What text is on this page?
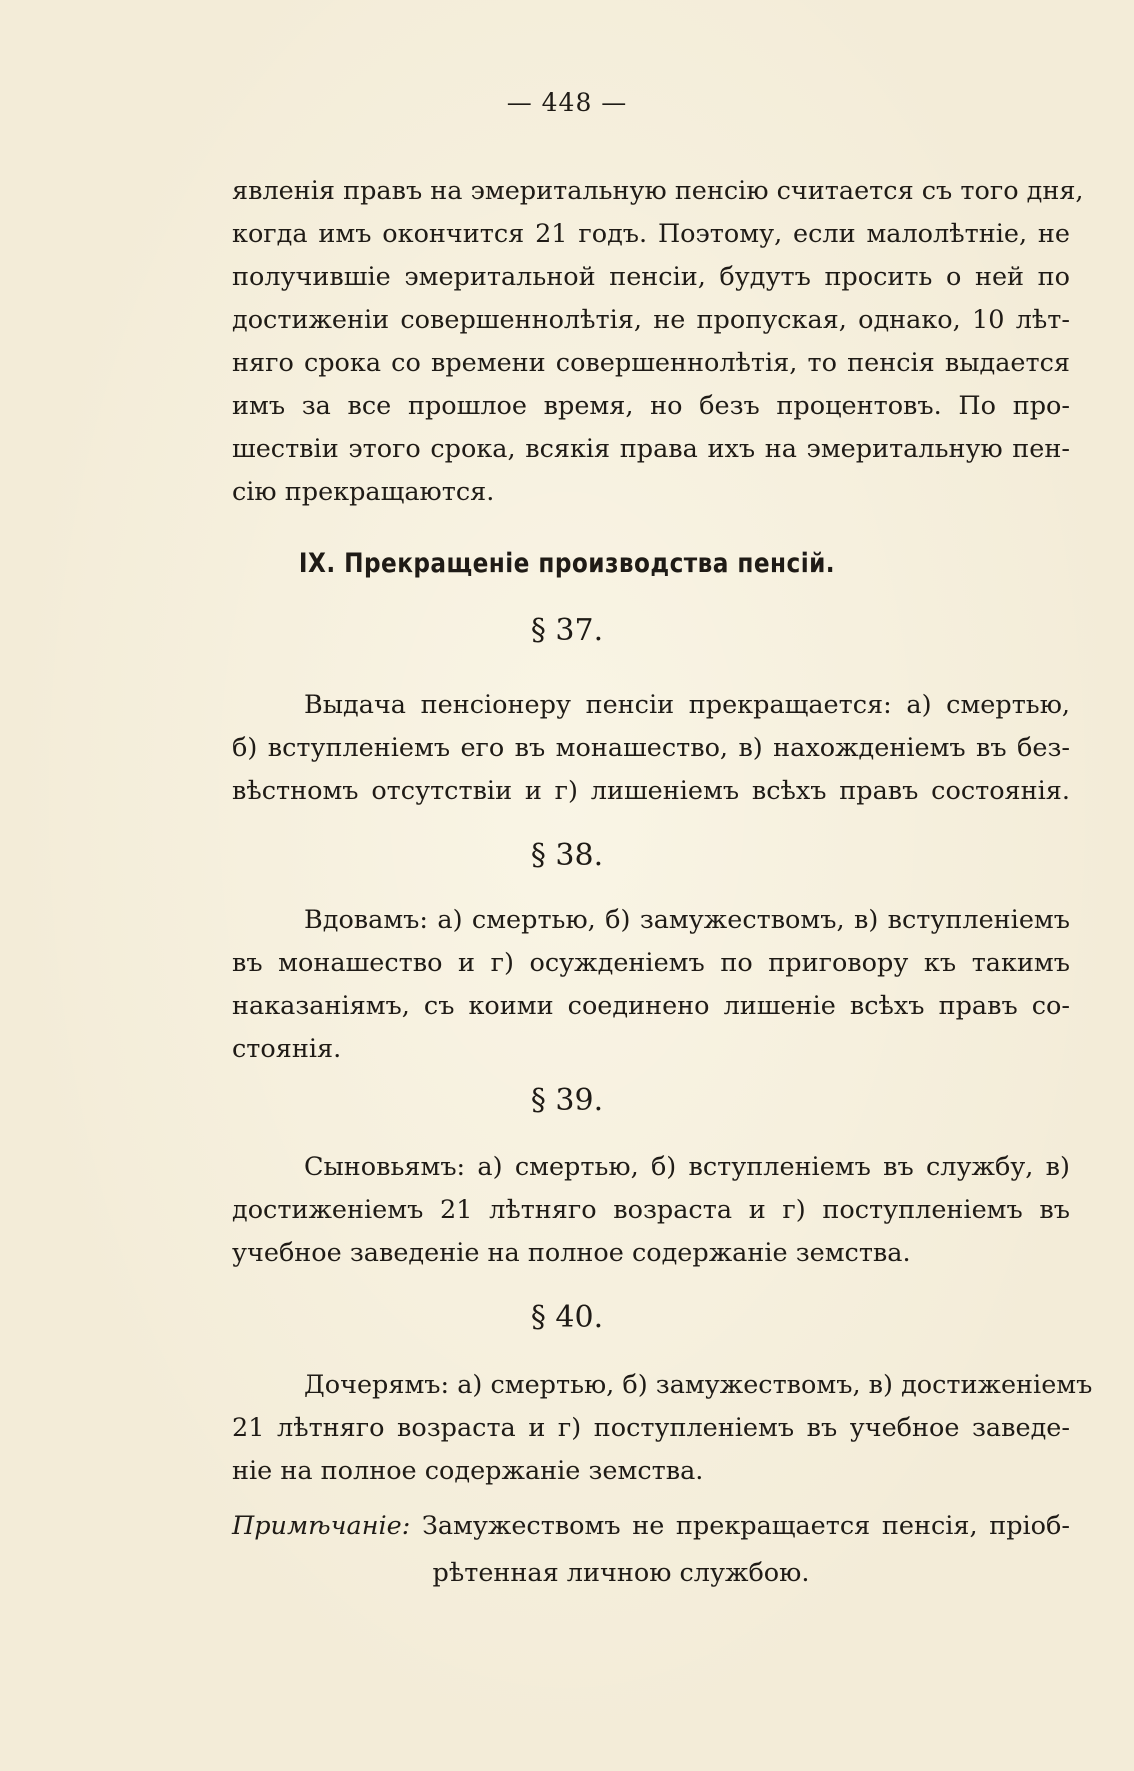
— 448 —
явленія правъ на эмеритальную пенсію считается съ того дня,
когда имъ окончится 21 годъ. Поэтому, если малолѣтніе, не
получившіе эмеритальной пенсіи, будутъ просить о ней по
достиженіи совершеннолѣтія, не пропуская, однако, 10 лѣт-
няго срока со времени совершеннолѣтія, то пенсія выдается
имъ за все прошлое время, но безъ процентовъ. По про-
шествіи этого срока, всякія права ихъ на эмеритальную пен-
сію прекращаются.
IX. Прекращеніе производства пенсій.
§ 37.
Выдача пенсіонеру пенсіи прекращается: а) смертью,
б) вступленіемъ его въ монашество, в) нахожденіемъ въ без-
вѣстномъ отсутствіи и г) лишеніемъ всѣхъ правъ состоянія.
§ 38.
Вдовамъ: а) смертью, б) замужествомъ, в) вступленіемъ
въ монашество и г) осужденіемъ по приговору къ такимъ
наказаніямъ, съ коими соединено лишеніе всѣхъ правъ со-
стоянія.
§ 39.
Сыновьямъ: а) смертью, б) вступленіемъ въ службу, в)
достиженіемъ 21 лѣтняго возраста и г) поступленіемъ въ
учебное заведеніе на полное содержаніе земства.
§ 40.
Дочерямъ: а) смертью, б) замужествомъ, в) достиженіемъ
21 лѣтняго возраста и г) поступленіемъ въ учебное заведе-
ніе на полное содержаніе земства.
Примѣчаніе: Замужествомъ не прекращается пенсія, пріоб-
рѣтенная личною службою.
